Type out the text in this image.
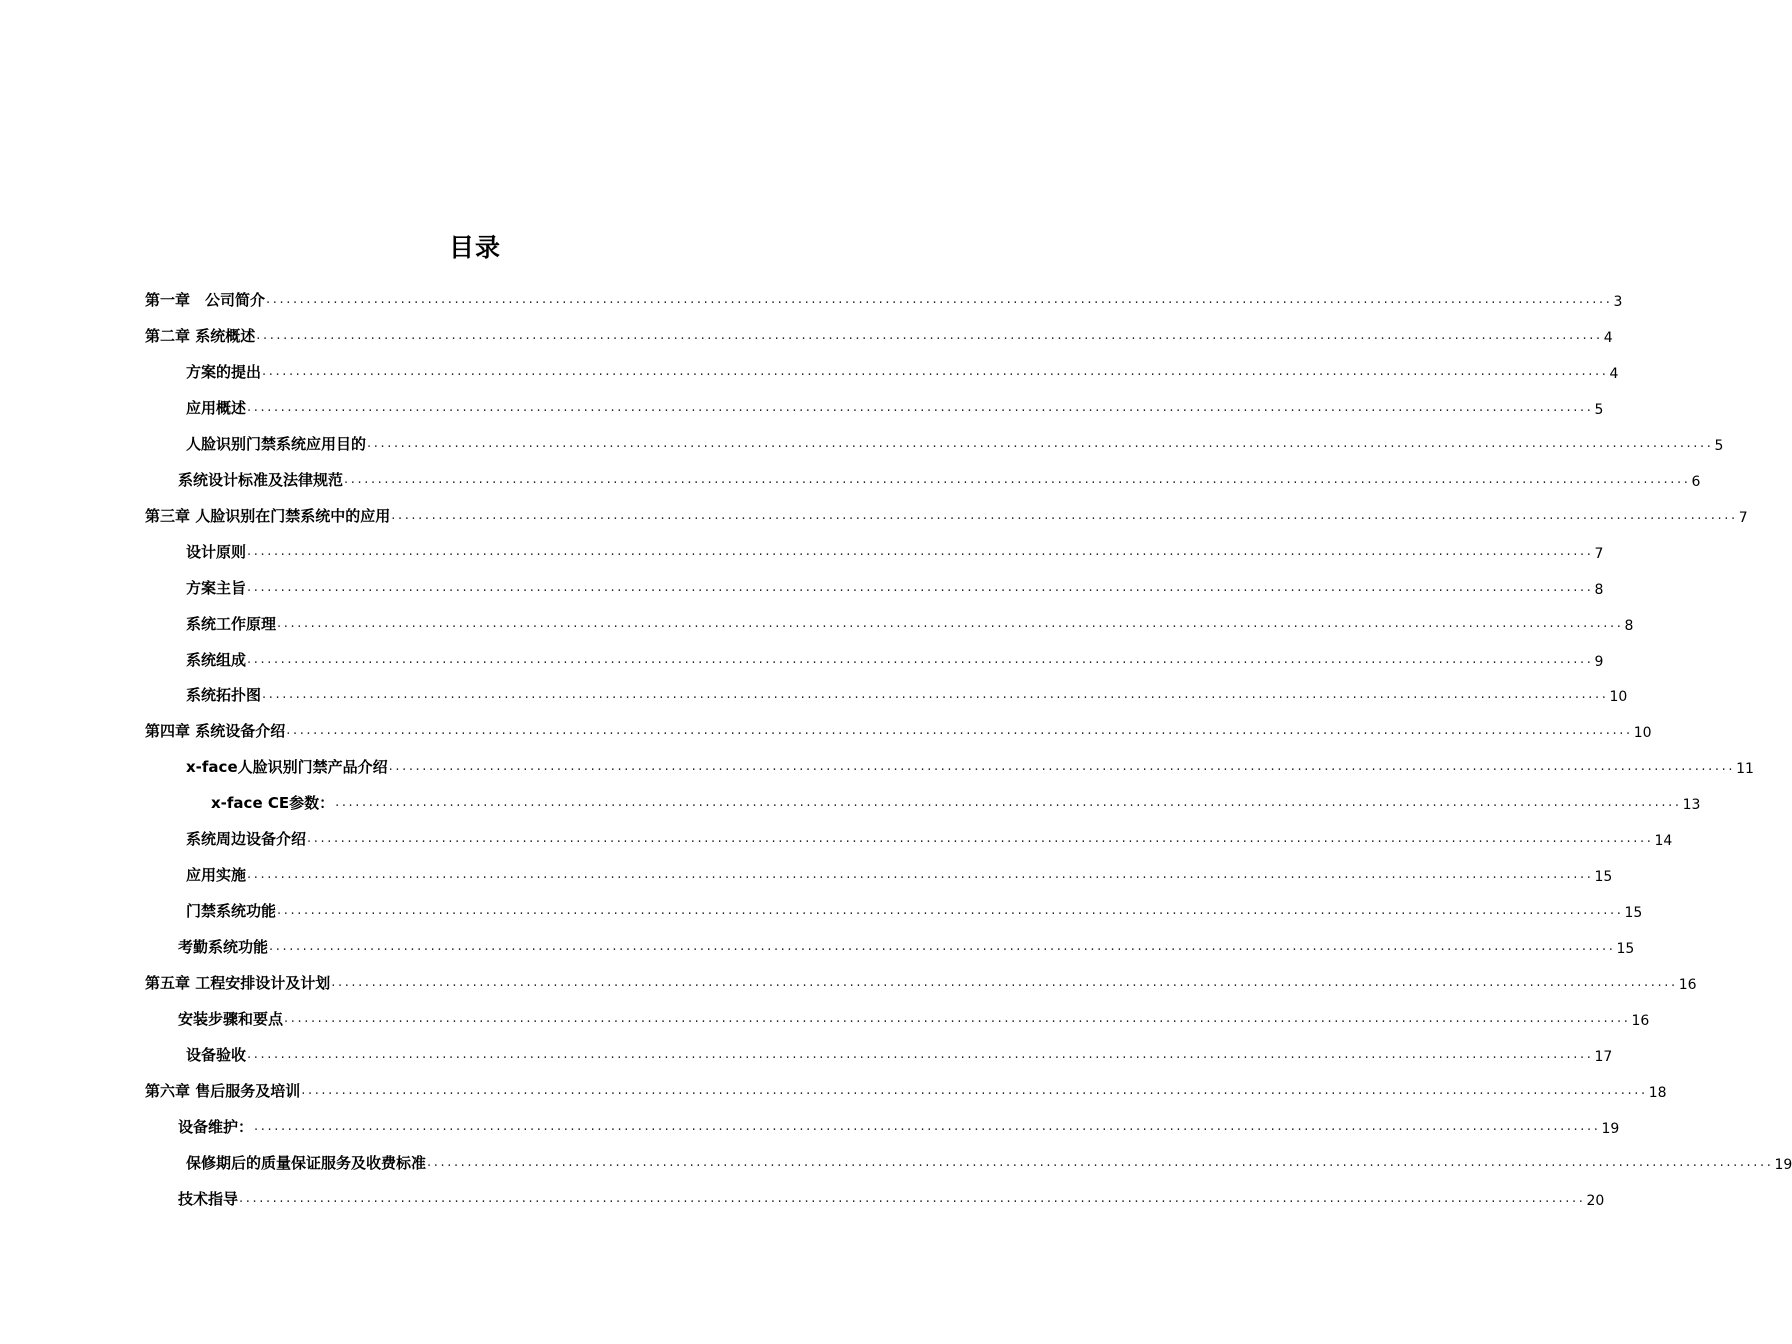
目录
第一章　公司简介 ........................................................................................................................................................................................................ 3
第二章 系统概述 ........................................................................................................................................................................................................ 4
方案的提出 ........................................................................................................................................................................................................ 4
应用概述 ........................................................................................................................................................................................................ 5
人脸识别门禁系统应用目的 ........................................................................................................................................................................................................ 5
系统设计标准及法律规范 ........................................................................................................................................................................................................ 6
第三章 人脸识别在门禁系统中的应用 ........................................................................................................................................................................................................ 7
设计原则 ........................................................................................................................................................................................................ 7
方案主旨 ........................................................................................................................................................................................................ 8
系统工作原理 ........................................................................................................................................................................................................ 8
系统组成 ........................................................................................................................................................................................................ 9
系统拓扑图 ........................................................................................................................................................................................................ 10
第四章 系统设备介绍 ........................................................................................................................................................................................................ 10
x-face人脸识别门禁产品介绍 ........................................................................................................................................................................................................ 11
x-face CE参数： ........................................................................................................................................................................................................ 13
系统周边设备介绍 ........................................................................................................................................................................................................ 14
应用实施 ........................................................................................................................................................................................................ 15
门禁系统功能 ........................................................................................................................................................................................................ 15
考勤系统功能 ........................................................................................................................................................................................................ 15
第五章 工程安排设计及计划 ........................................................................................................................................................................................................ 16
安装步骤和要点 ........................................................................................................................................................................................................ 16
设备验收 ........................................................................................................................................................................................................ 17
第六章 售后服务及培训 ........................................................................................................................................................................................................ 18
设备维护： ........................................................................................................................................................................................................ 19
保修期后的质量保证服务及收费标准 ........................................................................................................................................................................................................ 19
技术指导 ........................................................................................................................................................................................................ 20
